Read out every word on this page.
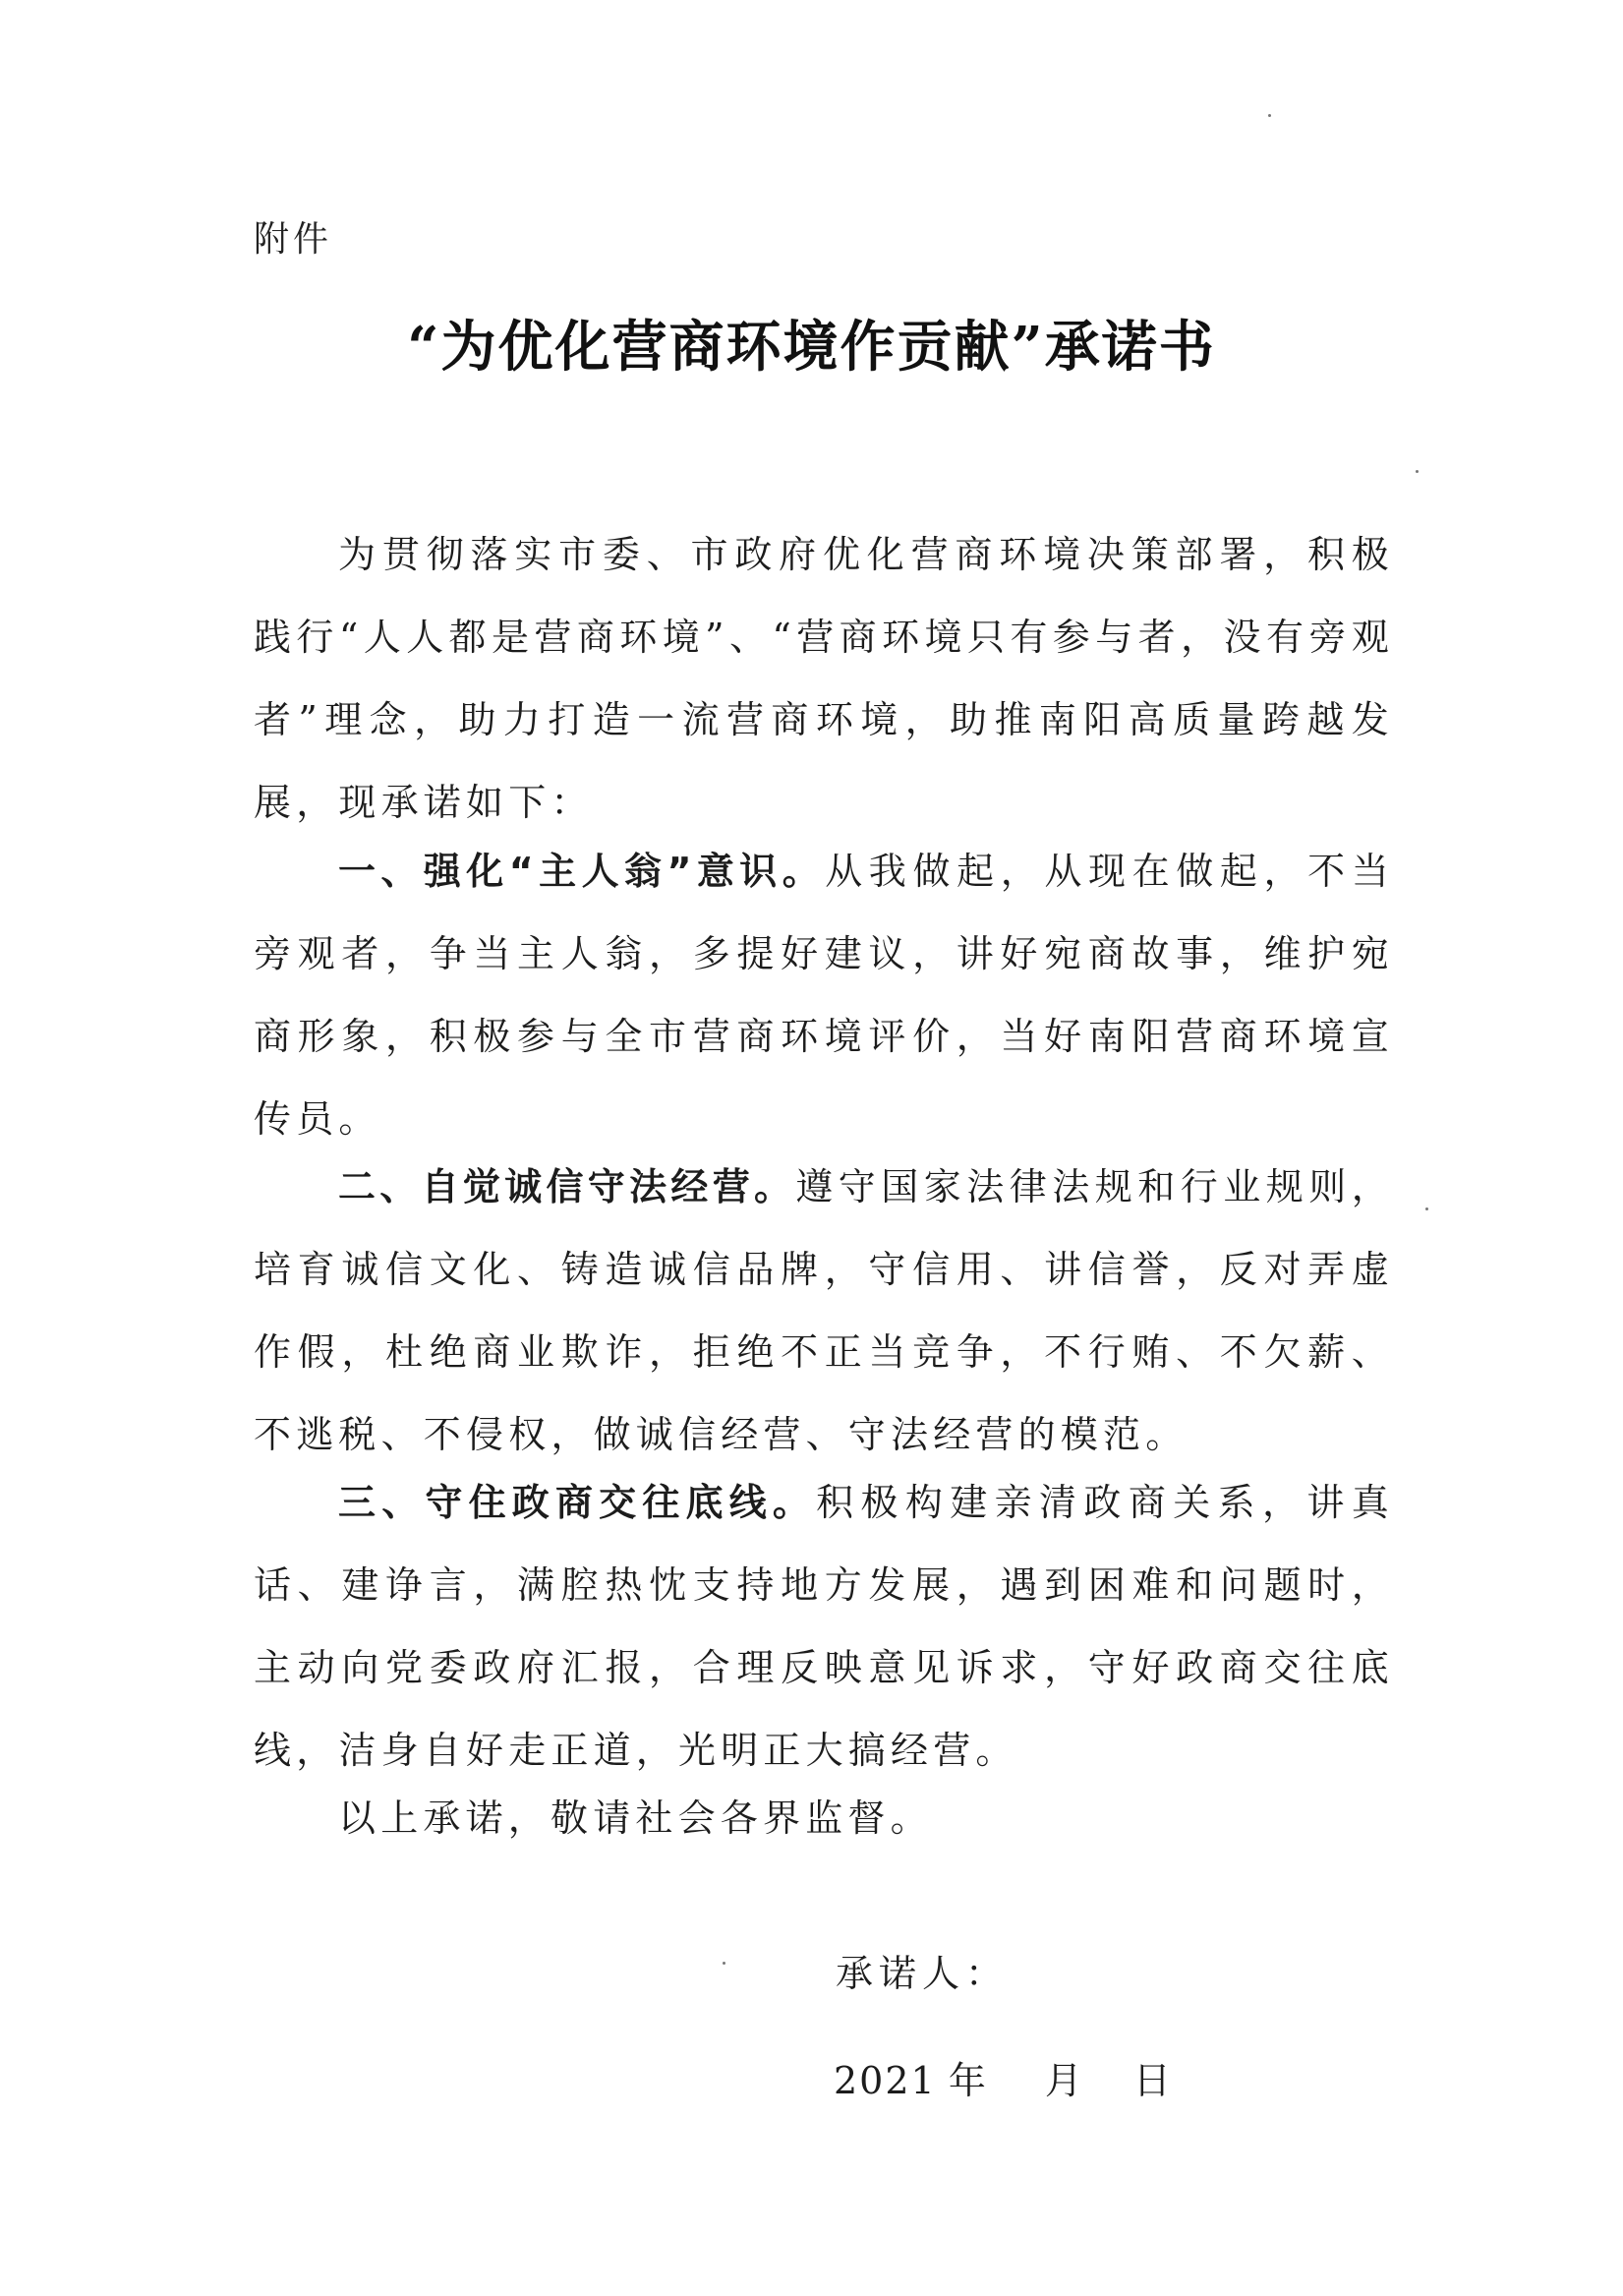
附件
“为优化营商环境作贡献”承诺书

为贯彻落实市委、市政府优化营商环境决策部署，积极践行“人人都是营商环境”、“营商环境只有参与者，没有旁观者”理念，助力打造一流营商环境，助推南阳高质量跨越发展，现承诺如下：

一、强化“主人翁”意识。从我做起，从现在做起，不当旁观者，争当主人翁，多提好建议，讲好宛商故事，维护宛商形象，积极参与全市营商环境评价，当好南阳营商环境宣传员。

二、自觉诚信守法经营。遵守国家法律法规和行业规则，培育诚信文化、铸造诚信品牌，守信用、讲信誉，反对弄虚作假，杜绝商业欺诈，拒绝不正当竞争，不行贿、不欠薪、不逃税、不侵权，做诚信经营、守法经营的模范。

三、守住政商交往底线。积极构建亲清政商关系，讲真话、建诤言，满腔热忱支持地方发展，遇到困难和问题时，主动向党委政府汇报，合理反映意见诉求，守好政商交往底线，洁身自好走正道，光明正大搞经营。

以上承诺，敬请社会各界监督。

承诺人：
2021 年 月 日
